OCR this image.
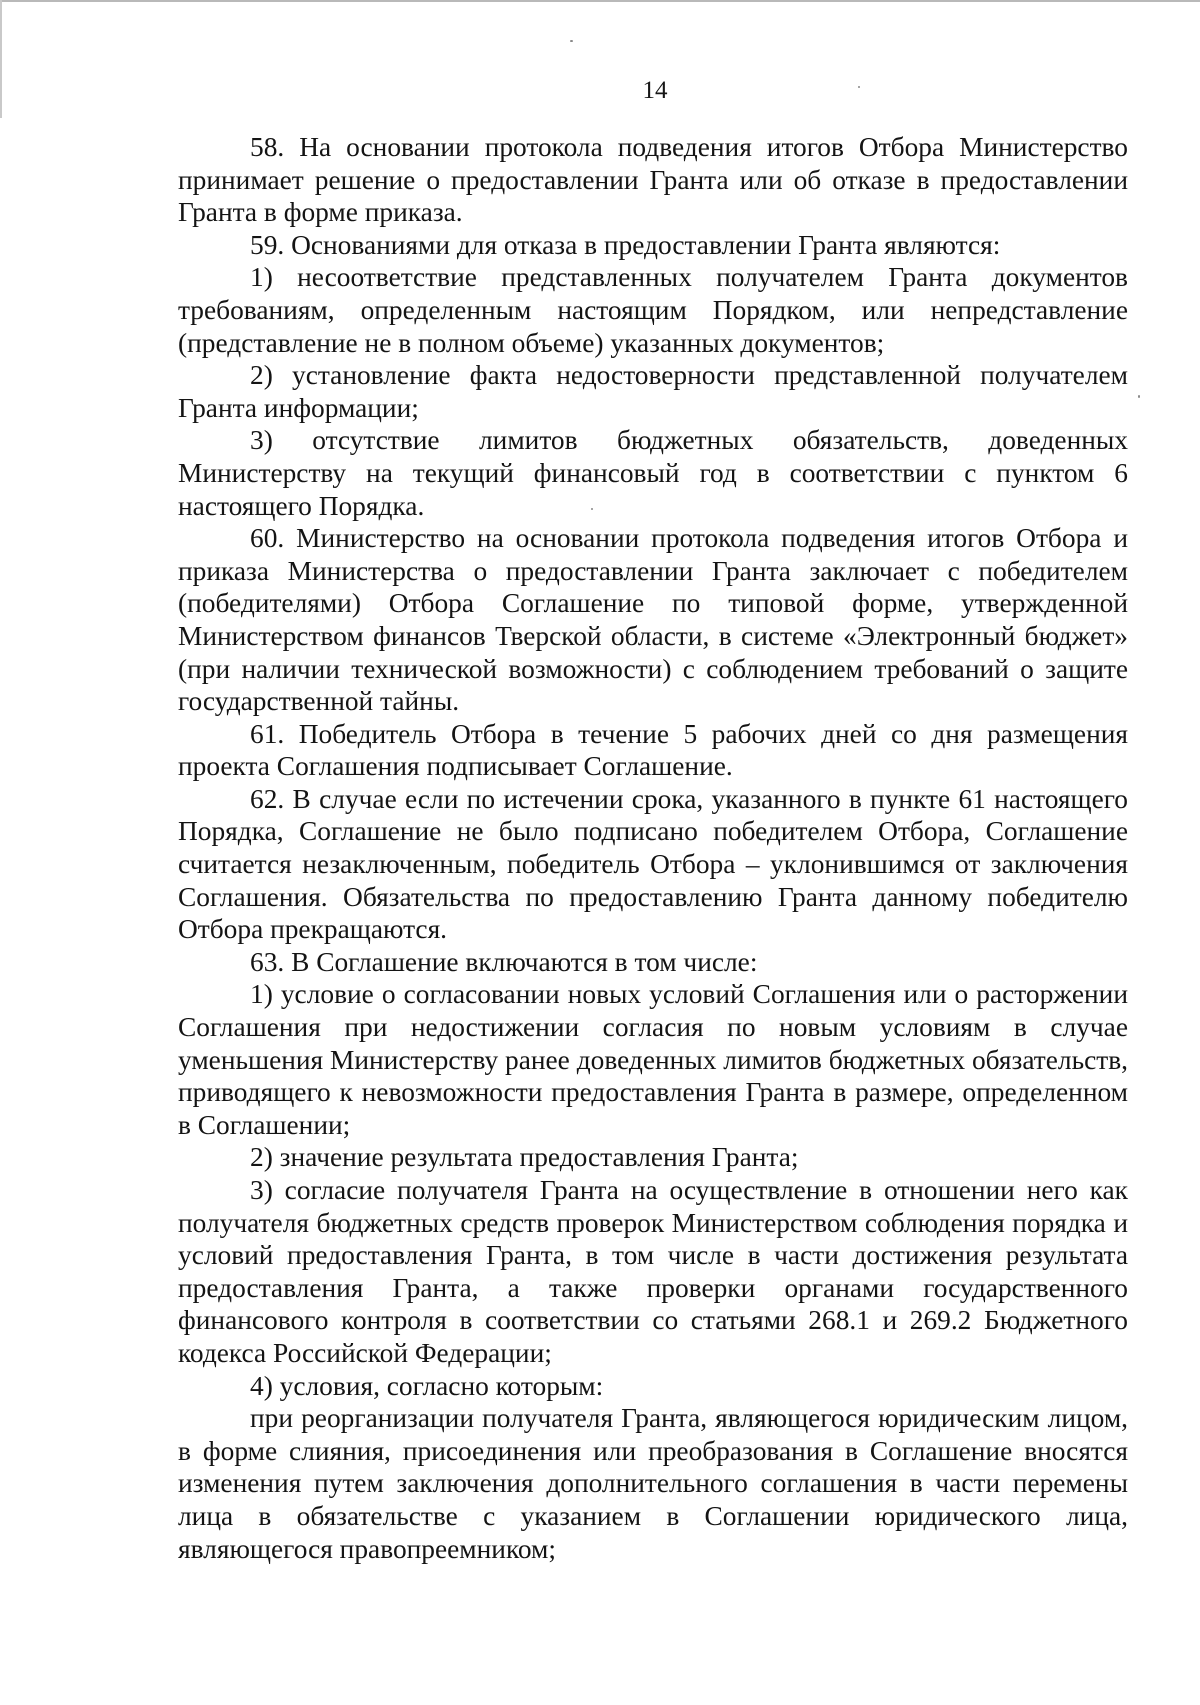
14

58. На основании протокола подведения итогов Отбора Министерство принимает решение о предоставлении Гранта или об отказе в предоставлении Гранта в форме приказа.

59. Основаниями для отказа в предоставлении Гранта являются:

1) несоответствие представленных получателем Гранта документов требованиям, определенным настоящим Порядком, или непредставление (представление не в полном объеме) указанных документов;

2) установление факта недостоверности представленной получателем Гранта информации;

3) отсутствие лимитов бюджетных обязательств, доведенных Министерству на текущий финансовый год в соответствии с пунктом 6 настоящего Порядка.

60. Министерство на основании протокола подведения итогов Отбора и приказа Министерства о предоставлении Гранта заключает с победителем (победителями) Отбора Соглашение по типовой форме, утвержденной Министерством финансов Тверской области, в системе «Электронный бюджет» (при наличии технической возможности) с соблюдением требований о защите государственной тайны.

61. Победитель Отбора в течение 5 рабочих дней со дня размещения проекта Соглашения подписывает Соглашение.

62. В случае если по истечении срока, указанного в пункте 61 настоящего Порядка, Соглашение не было подписано победителем Отбора, Соглашение считается незаключенным, победитель Отбора – уклонившимся от заключения Соглашения. Обязательства по предоставлению Гранта данному победителю Отбора прекращаются.

63. В Соглашение включаются в том числе:

1) условие о согласовании новых условий Соглашения или о расторжении Соглашения при недостижении согласия по новым условиям в случае уменьшения Министерству ранее доведенных лимитов бюджетных обязательств, приводящего к невозможности предоставления Гранта в размере, определенном в Соглашении;

2) значение результата предоставления Гранта;

3) согласие получателя Гранта на осуществление в отношении него как получателя бюджетных средств проверок Министерством соблюдения порядка и условий предоставления Гранта, в том числе в части достижения результата предоставления Гранта, а также проверки органами государственного финансового контроля в соответствии со статьями 268.1 и 269.2 Бюджетного кодекса Российской Федерации;

4) условия, согласно которым:

при реорганизации получателя Гранта, являющегося юридическим лицом, в форме слияния, присоединения или преобразования в Соглашение вносятся изменения путем заключения дополнительного соглашения в части перемены лица в обязательстве с указанием в Соглашении юридического лица, являющегося правопреемником;
